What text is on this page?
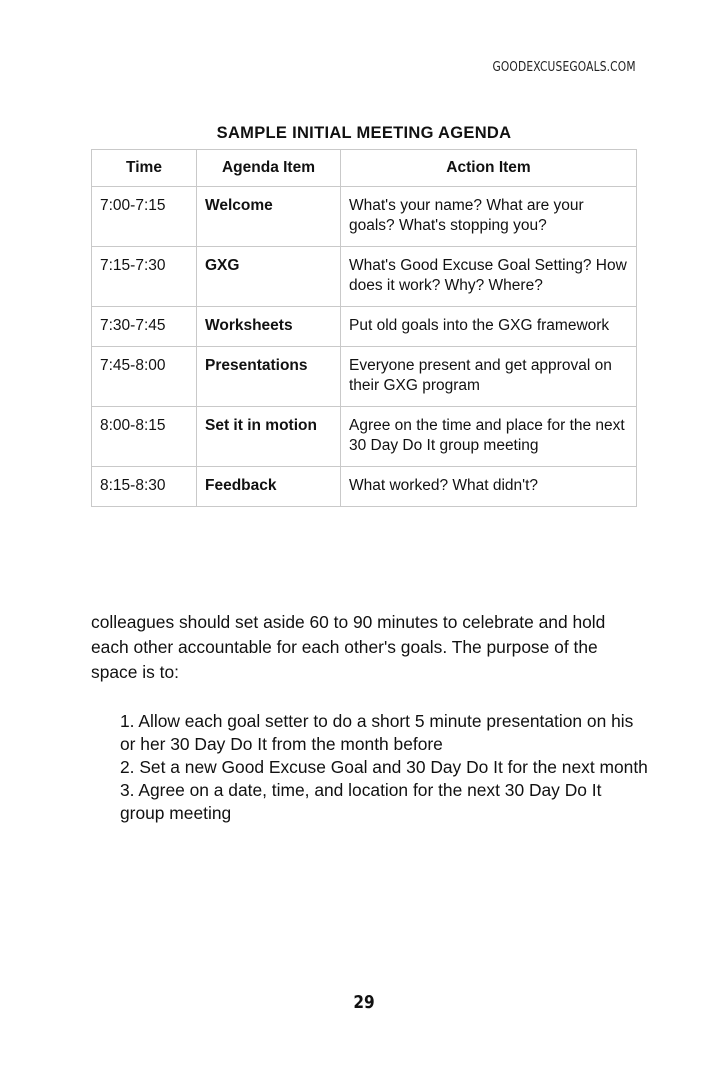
GOODEXCUSEGOALS.COM
SAMPLE INITIAL MEETING AGENDA
Time	Agenda Item	Action Item
7:00-7:15	Welcome	What's your name? What are your goals? What's stopping you?
7:15-7:30	GXG	What's Good Excuse Goal Setting? How does it work? Why? Where?
7:30-7:45	Worksheets	Put old goals into the GXG framework
7:45-8:00	Presentations	Everyone present and get approval on their GXG program
8:00-8:15	Set it in motion	Agree on the time and place for the next 30 Day Do It group meeting
8:15-8:30	Feedback	What worked? What didn't?
colleagues should set aside 60 to 90 minutes to celebrate and hold each other accountable for each other's goals. The purpose of the space is to:

1. Allow each goal setter to do a short 5 minute presentation on his or her 30 Day Do It from the month before

2. Set a new Good Excuse Goal and 30 Day Do It for the next month

3. Agree on a date, time, and location for the next 30 Day Do It group meeting

29
